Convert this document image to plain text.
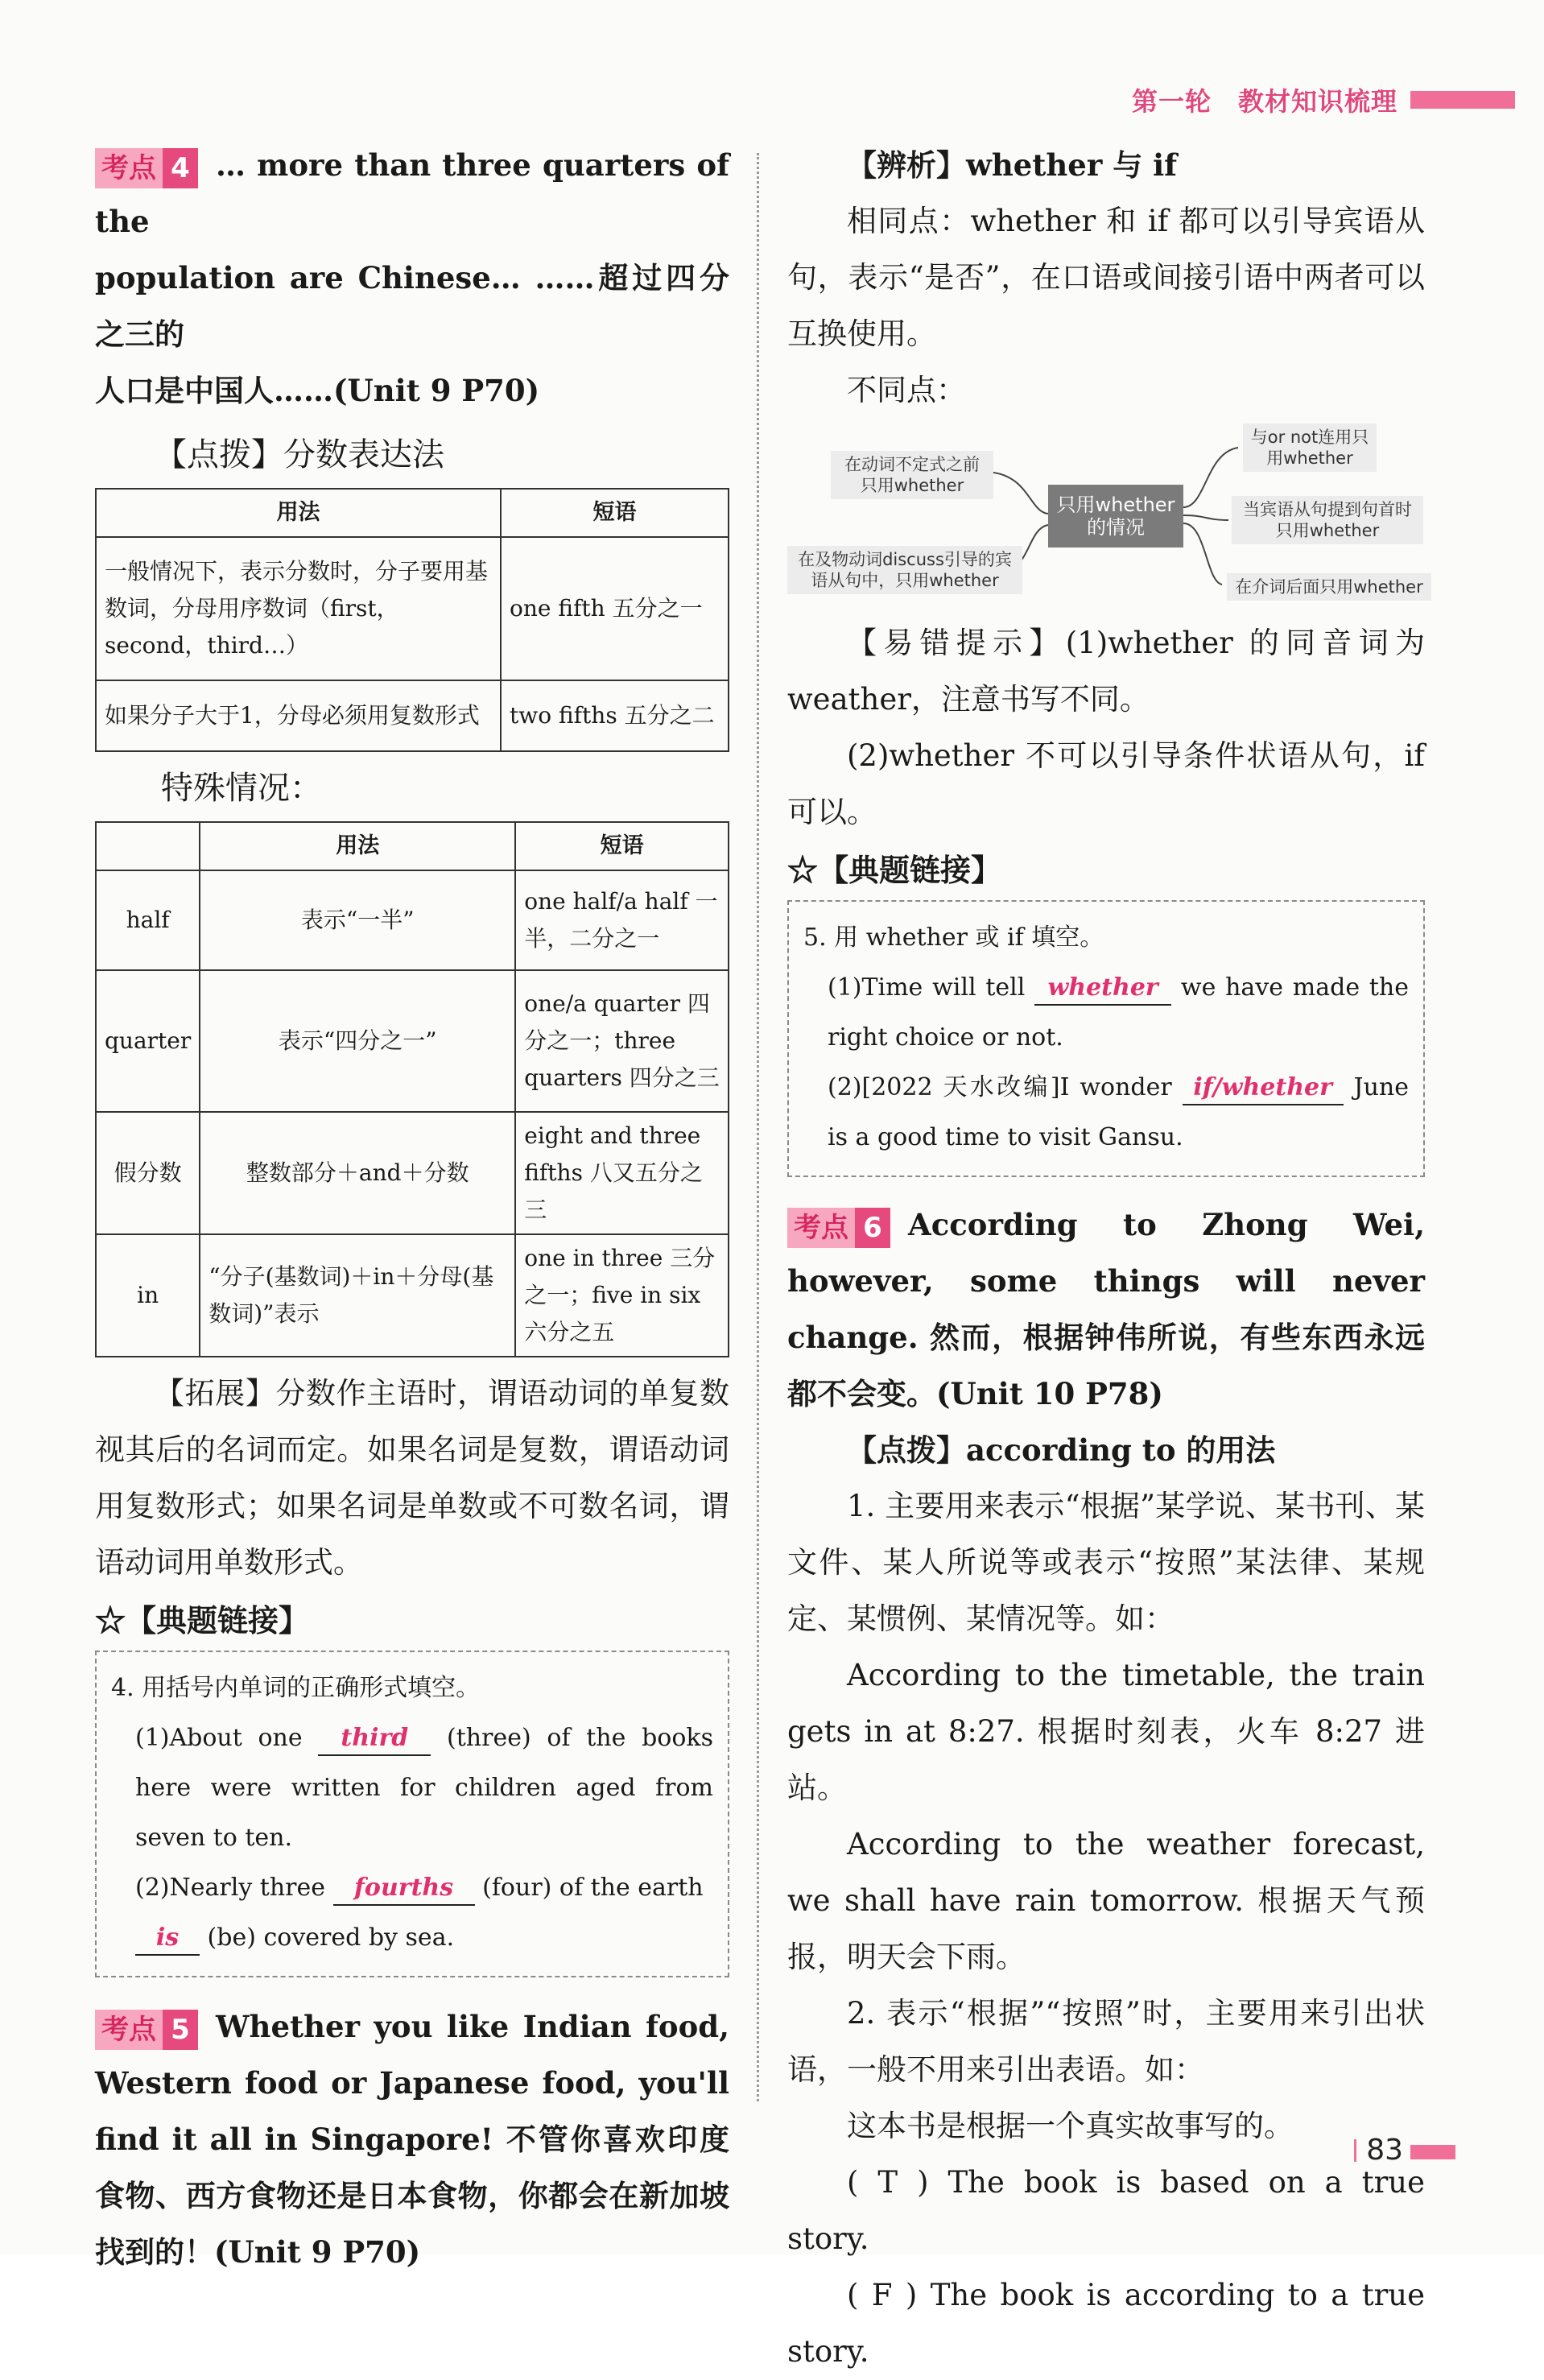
第一轮　教材知识梳理

考点 4 … more than three quarters of the
population are Chinese… ……超过四分之三的
人口是中国人……(Unit 9 P70)

【点拨】分数表达法

用法	短语
一般情况下，表示分数时，分子要用基数词，分母用序数词（first，second，third…）	one fifth 五分之一
如果分子大于1，分母必须用复数形式	two fifths 五分之二

特殊情况：

	用法	短语
half	表示“一半”	one half/a half 一半，二分之一
quarter	表示“四分之一”	one/a quarter 四分之一；three quarters 四分之三
假分数	整数部分＋and＋分数	eight and three fifths 八又五分之三
in	“分子(基数词)＋in＋分母(基数词)”表示	one in three 三分之一；five in six 六分之五

【拓展】分数作主语时，谓语动词的单复数视其后的名词而定。如果名词是复数，谓语动词用复数形式；如果名词是单数或不可数名词，谓语动词用单数形式。

☆【典题链接】

4. 用括号内单词的正确形式填空。

(1)About one third (three) of the books here were written for children aged from seven to ten.

(2)Nearly three fourths (four) of the earth
is (be) covered by sea.

考点 5 Whether you like Indian food, Western food or Japanese food, you'll find it all in Singapore! 不管你喜欢印度食物、西方食物还是日本食物，你都会在新加坡找到的！(Unit 9 P70)

【辨析】whether 与 if

相同点：whether 和 if 都可以引导宾语从句，表示“是否”，在口语或间接引语中两者可以互换使用。

不同点：

在动词不定式之前只用whether
在及物动词discuss引导的宾语从句中，只用whether
只用whether的情况
与or not连用只用whether
当宾语从句提到句首时只用whether
在介词后面只用whether

【易错提示】(1)whether 的同音词为weather，注意书写不同。

(2)whether 不可以引导条件状语从句，if可以。

☆【典题链接】

5. 用 whether 或 if 填空。

(1)Time will tell whether we have made the right choice or not.

(2)[2022 天水改编]I wonder if/whether June is a good time to visit Gansu.

考点 6 According to Zhong Wei, however, some things will never change. 然而，根据钟伟所说，有些东西永远都不会变。(Unit 10 P78)

【点拨】according to 的用法

1. 主要用来表示“根据”某学说、某书刊、某文件、某人所说等或表示“按照”某法律、某规定、某惯例、某情况等。如：

According to the timetable, the train gets in at 8:27. 根据时刻表，火车 8:27 进站。

According to the weather forecast, we shall have rain tomorrow. 根据天气预报，明天会下雨。

2. 表示“根据”“按照”时，主要用来引出状语，一般不用来引出表语。如：

这本书是根据一个真实故事写的。

( T ) The book is based on a true story.

( F ) The book is according to a true story.

83
